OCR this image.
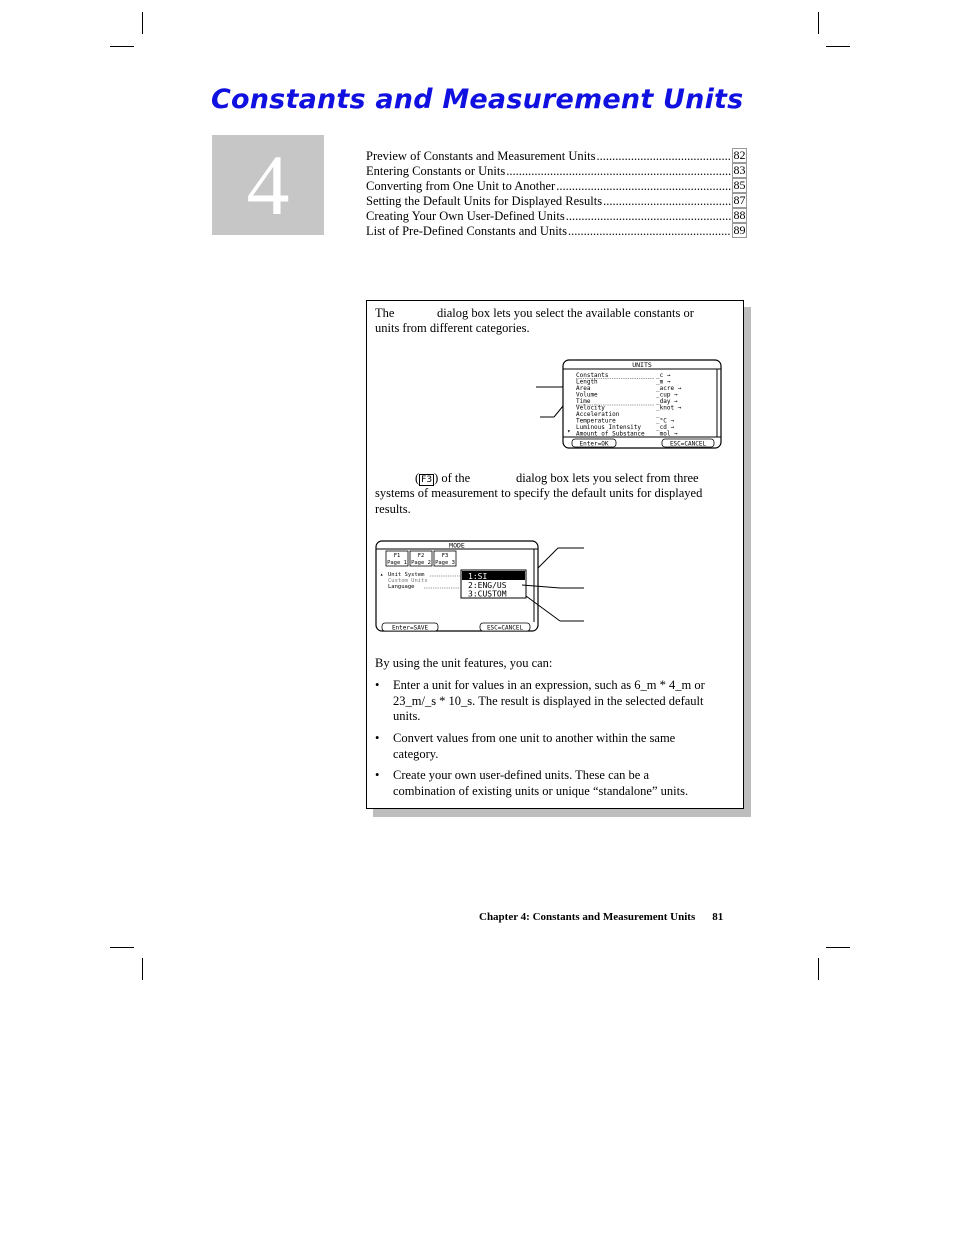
Constants and Measurement Units
4	Preview of Constants and Measurement Units .....	82
Entering Constants or Units .....	83
Converting from One Unit to Another .....	85
Setting the Default Units for Displayed Results .....	87
Creating Your Own User-Defined Units .....	88
List of Pre-Defined Constants and Units .....	89
The	dialog box lets you select the available constants or
units from different categories.
UNITS
Constants	_c →
Length	_m →
Area	_acre →
Volume	_cup →
Time	_day →
Velocity	_knot →
Acceleration	_
Temperature	_°C →
Luminous Intensity _cd →
Amount of Substance _mol →
▾
Enter=OK	ESC=CANCEL
( F3 ) of the	dialog box lets you select from three
systems of measurement to specify the default units for displayed
results.
MODE
F1
Page 1
F2
Page 2
F3
Page 3
▴ Unit System
Custom Units
Language
1:SI
2:ENG/US
3:CUSTOM
Enter=SAVE	ESC=CANCEL
By using the unit features, you can:
• Enter a unit for values in an expression, such as 6_m * 4_m or
23_m/_s * 10_s. The result is displayed in the selected default
units.
• Convert values from one unit to another within the same
category.
• Create your own user-defined units. These can be a
combination of existing units or unique “standalone” units.
Chapter 4: Constants and Measurement Units 81
